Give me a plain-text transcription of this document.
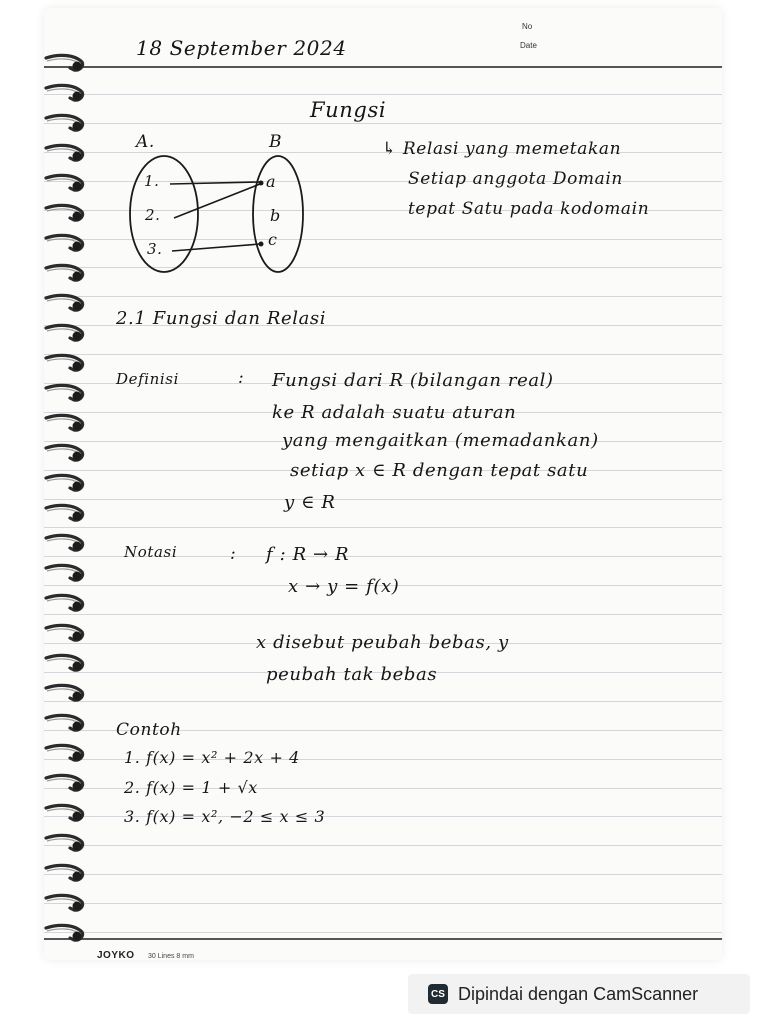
No
Date
18 September 2024
Fungsi
A.	B
1.
2.
3.
a
b
c
↳ Relasi yang memetakan
Setiap anggota Domain
tepat Satu pada kodomain
2.1 Fungsi dan Relasi
Definisi	: Fungsi dari R (bilangan real)
ke R adalah suatu aturan
yang mengaitkan (memadankan)
setiap x ∈ R dengan tepat satu
y ∈ R
Notasi	: f : R → R
x → y = f(x)
x disebut peubah bebas, y
peubah tak bebas
Contoh
1. f(x) = x² + 2x + 4
2. f(x) = 1 + √x
3. f(x) = x², −2 ≤ x ≤ 3
JOYKO 30 Lines 8 mm
CS Dipindai dengan CamScanner
